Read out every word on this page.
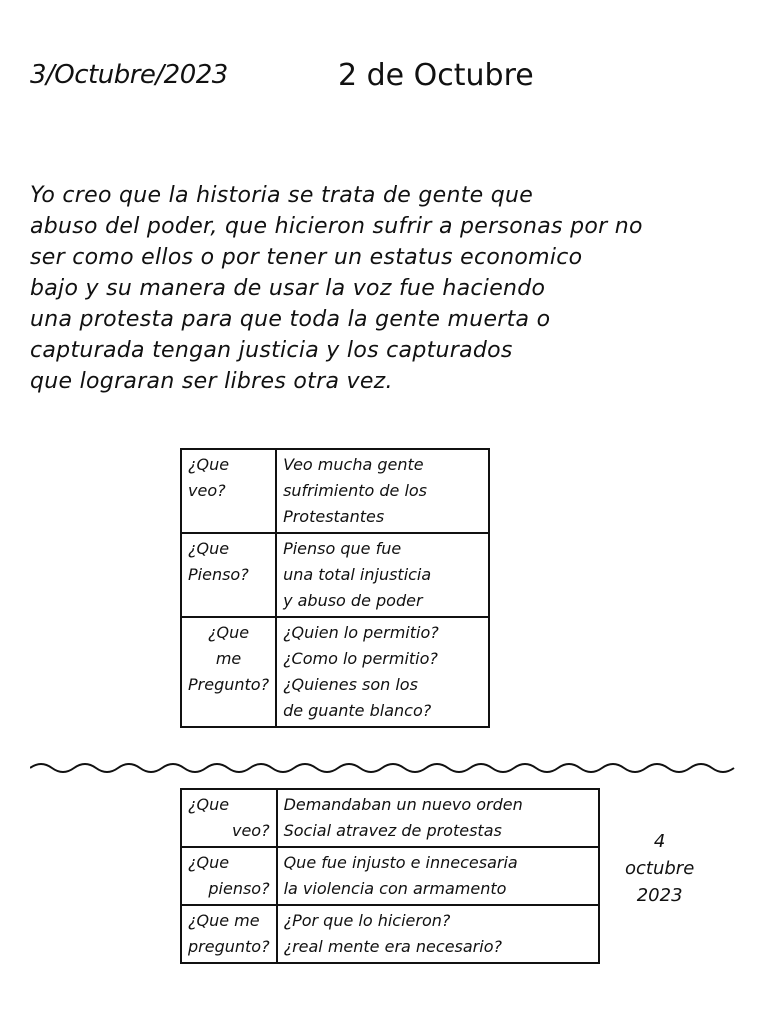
3/Octubre/2023	2 de Octubre
Yo creo que la historia se trata de gente que
abuso del poder, que hicieron sufrir a personas por no
ser como ellos o por tener un estatus economico
bajo y su manera de usar la voz fue haciendo
una protesta para que toda la gente muerta o
capturada tengan justicia y los capturados
que lograran ser libres otra vez.
¿Que
veo?	Veo mucha gente
sufrimiento de los
Protestantes

¿Que
Pienso?	Pienso que fue
una total injusticia
y abuso de poder

¿Que
me
Pregunto?	¿Quien lo permitio?
¿Como lo permitio?
¿Quienes son los
de guante blanco?
¿Que
veo?	Demandaban un nuevo orden
Social atravez de protestas

¿Que
pienso?	Que fue injusto e innecesaria
la violencia con armamento

¿Que me
pregunto?	¿Por que lo hicieron?
¿real mente era necesario?
4
octubre
2023
